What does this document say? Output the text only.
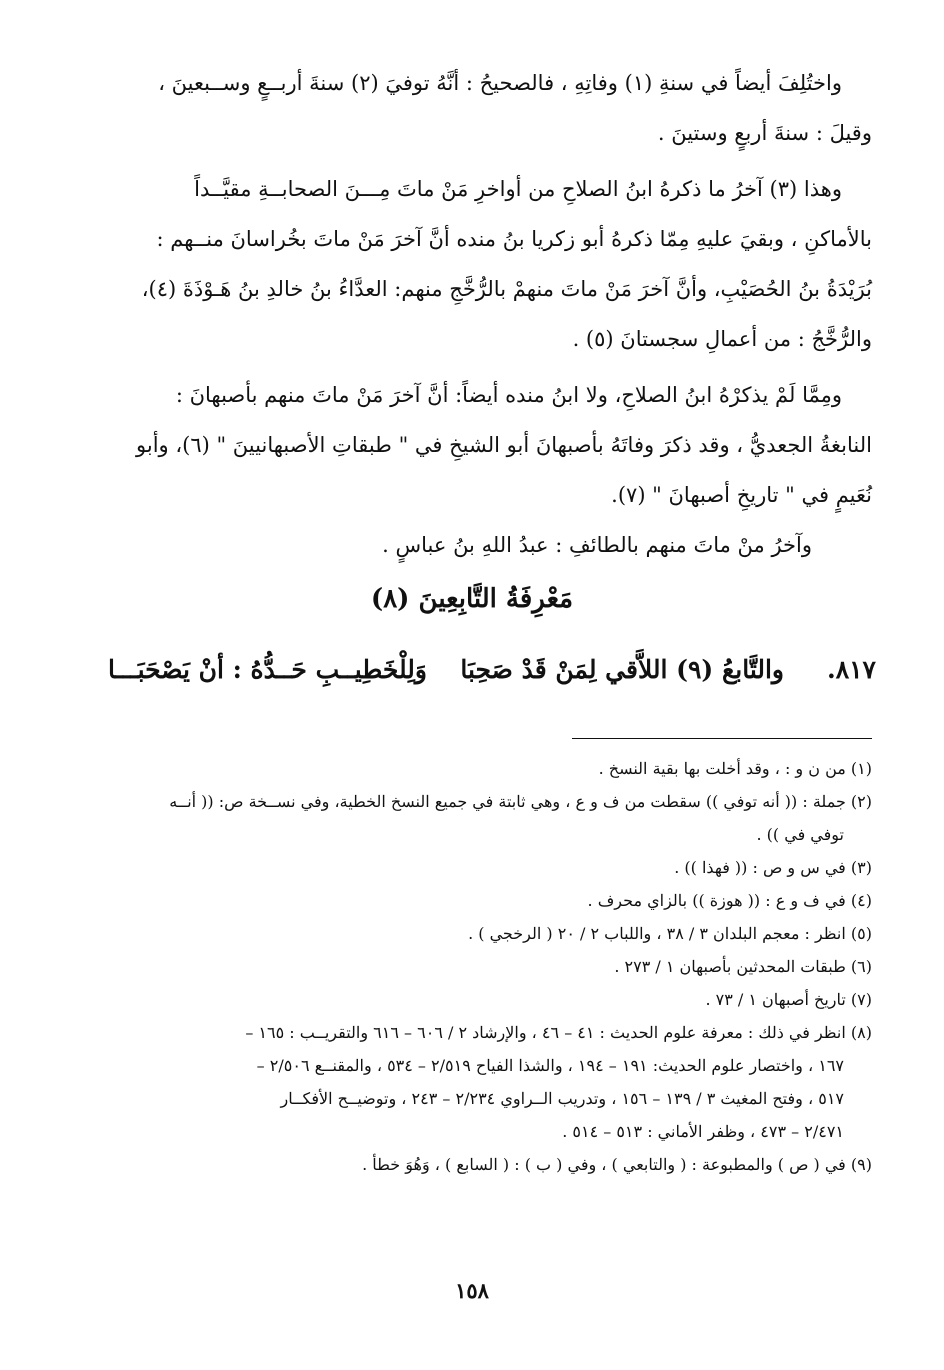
واختُلِفَ أيضاً في سنةِ (١) وفاتِهِ ، فالصحيحُ : أنَّهُ توفيَ (٢) سنةَ أربــعٍ وســبعينَ ،
وقيلَ : سنةَ أربعٍ وستينَ .

وهذا (٣) آخرُ ما ذكرهُ ابنُ الصلاحِ من أواخرِ مَنْ ماتَ مِـــنَ الصحابــةِ مقيَّــداً
بالأماكنِ ، وبقيَ عليهِ مِمّا ذكرهُ أبو زكريا بنُ منده أنَّ آخرَ مَنْ ماتَ بخُراسانَ منــهم :
بُرَيْدَةُ بنُ الحُصَيْبِ، وأنَّ آخرَ مَنْ ماتَ منهمْ بالرُّخَّجِ منهم: العدَّاءُ بنُ خالدِ بنُ هَـوْذَةَ (٤)،
والرُّخَّجُ : من أعمالِ سجستانَ (٥) .

ومِمَّا لَمْ يذكرْهُ ابنُ الصلاحِ، ولا ابنُ منده أيضاً: أنَّ آخرَ مَنْ ماتَ منهم بأصبهانَ :
النابغةُ الجعديُّ ، وقد ذكرَ وفاتَهُ بأصبهانَ أبو الشيخِ في " طبقاتِ الأصبهانيينَ " (٦)، وأبو
نُعَيمٍ في " تاريخِ أصبهانَ " (٧).

وآخرُ منْ ماتَ منهم بالطائفِ : عبدُ اللهِ بنُ عباسٍ .

مَعْرِفَةُ التَّابِعِينَ (٨)
٨١٧.
والتَّابعُ (٩) اللاَّقي لِمَنْ قَدْ صَحِبَا
وَلِلْخَطِيــبِ حَــدُّهُ : أنْ يَصْحَبَـــا

(١) من ن و : ، وقد أخلت بها بقية النسخ .

(٢) جملة : (( أنه توفي )) سقطت من ف و ع ، وهي ثابتة في جميع النسخ الخطية، وفي نســخة ص: (( أنــه
توفي في )) .

(٣) في س و ص : (( فهذا )) .

(٤) في ف و ع : (( هوزة )) بالزاي محرف .

(٥) انظر : معجم البلدان ٣ / ٣٨ ، واللباب ٢ / ٢٠ ( الرخجي ) .

(٦) طبقات المحدثين بأصبهان ١ / ٢٧٣ .

(٧) تاريخ أصبهان ١ / ٧٣ .

(٨) انظر في ذلك : معرفة علوم الحديث : ٤١ – ٤٦ ، والإرشاد ٢ / ٦٠٦ – ٦١٦ والتقريــب : ١٦٥ –
١٦٧ ، واختصار علوم الحديث: ١٩١ – ١٩٤ ، والشذا الفياح ٢/٥١٩ – ٥٣٤ ، والمقنــع ٢/٥٠٦ –
٥١٧ ، وفتح المغيث ٣ / ١٣٩ – ١٥٦ ، وتدريب الــراوي ٢/٢٣٤ – ٢٤٣ ، وتوضيــح الأفكــار
٢/٤٧١ – ٤٧٣ ، وظفر الأماني : ٥١٣ – ٥١٤ .

(٩) في ( ص ) والمطبوعة : ( والتابعي ) ، وفي ( ب ) : ( السابع ) ، وَهُوَ خطأ .

١٥٨
